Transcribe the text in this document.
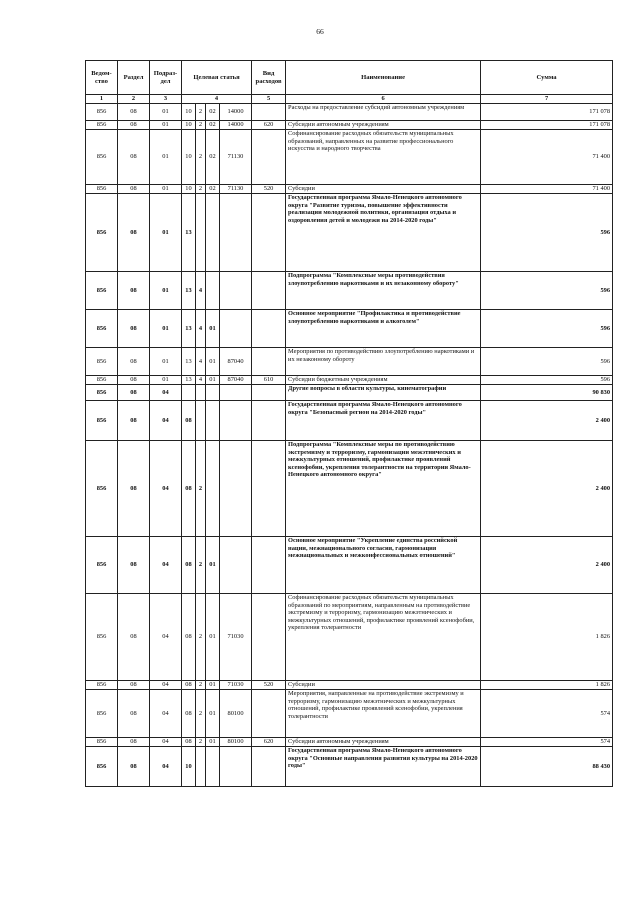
66
Ведом-ство	Раздел	Подраз-дел	Целевая статья				Вид расходов	Наименование	Сумма
1	2	3	4				5	6	7
856	08	01	10	2	02	14000		Расходы на предоставление субсидий автономным учреждениям	171 078
856	08	01	10	2	02	14000	620	Субсидии автономным учреждениям	171 078
856	08	01	10	2	02	71130		Софинансирование расходных обязательств муниципальных образований, направленных на развитие профессионального искусства и народного творчества	71 400
856	08	01	10	2	02	71130	520	Субсидии	71 400
856	08	01	13					Государственная программа Ямало-Ненецкого автономного округа "Развитие туризма, повышение эффективности реализации молодежной политики, организация отдыха и оздоровления детей и молодежи на 2014-2020 годы"	596
856	08	01	13	4				Подпрограмма "Комплексные меры противодействия злоупотреблению наркотиками и их незаконному обороту"	596
856	08	01	13	4	01			Основное мероприятие "Профилактика и противодействие злоупотреблению наркотиками и алкоголем"	596
856	08	01	13	4	01	87040		Мероприятия по противодействию злоупотреблению наркотиками и их незаконному обороту	596
856	08	01	13	4	01	87040	610	Субсидии бюджетным учреждениям	596
856	08	04						Другие вопросы в области культуры, кинематографии	90 830
856	08	04	08					Государственная программа Ямало-Ненецкого автономного округа "Безопасный регион на 2014-2020 годы"	2 400
856	08	04	08	2				Подпрограмма "Комплексные меры по противодействию экстремизму и терроризму, гармонизации межэтнических и межкультурных отношений, профилактике проявлений ксенофобии, укрепления толерантности на территории Ямало-Ненецкого автономного округа"	2 400
856	08	04	08	2	01			Основное мероприятие "Укрепление единства российской нации, межнационального согласия, гармонизация межнациональных и межконфессиональных отношений"	2 400
856	08	04	08	2	01	71030		Софинансирование расходных обязательств муниципальных образований по мероприятиям, направленным на противодействие экстремизму и терроризму, гармонизацию межэтнических и межкультурных отношений, профилактике проявлений ксенофобии, укрепления толерантности	1 826
856	08	04	08	2	01	71030	520	Субсидии	1 826
856	08	04	08	2	01	80100		Мероприятия, направленные на противодействие экстремизму и терроризму, гармонизацию межэтнических и межкультурных отношений, профилактике проявлений ксенофобии, укрепления толерантности	574
856	08	04	08	2	01	80100	620	Субсидии автономным учреждениям	574
856	08	04	10					Государственная программа Ямало-Ненецкого автономного округа "Основные направления развития культуры на 2014-2020 годы"	88 430
